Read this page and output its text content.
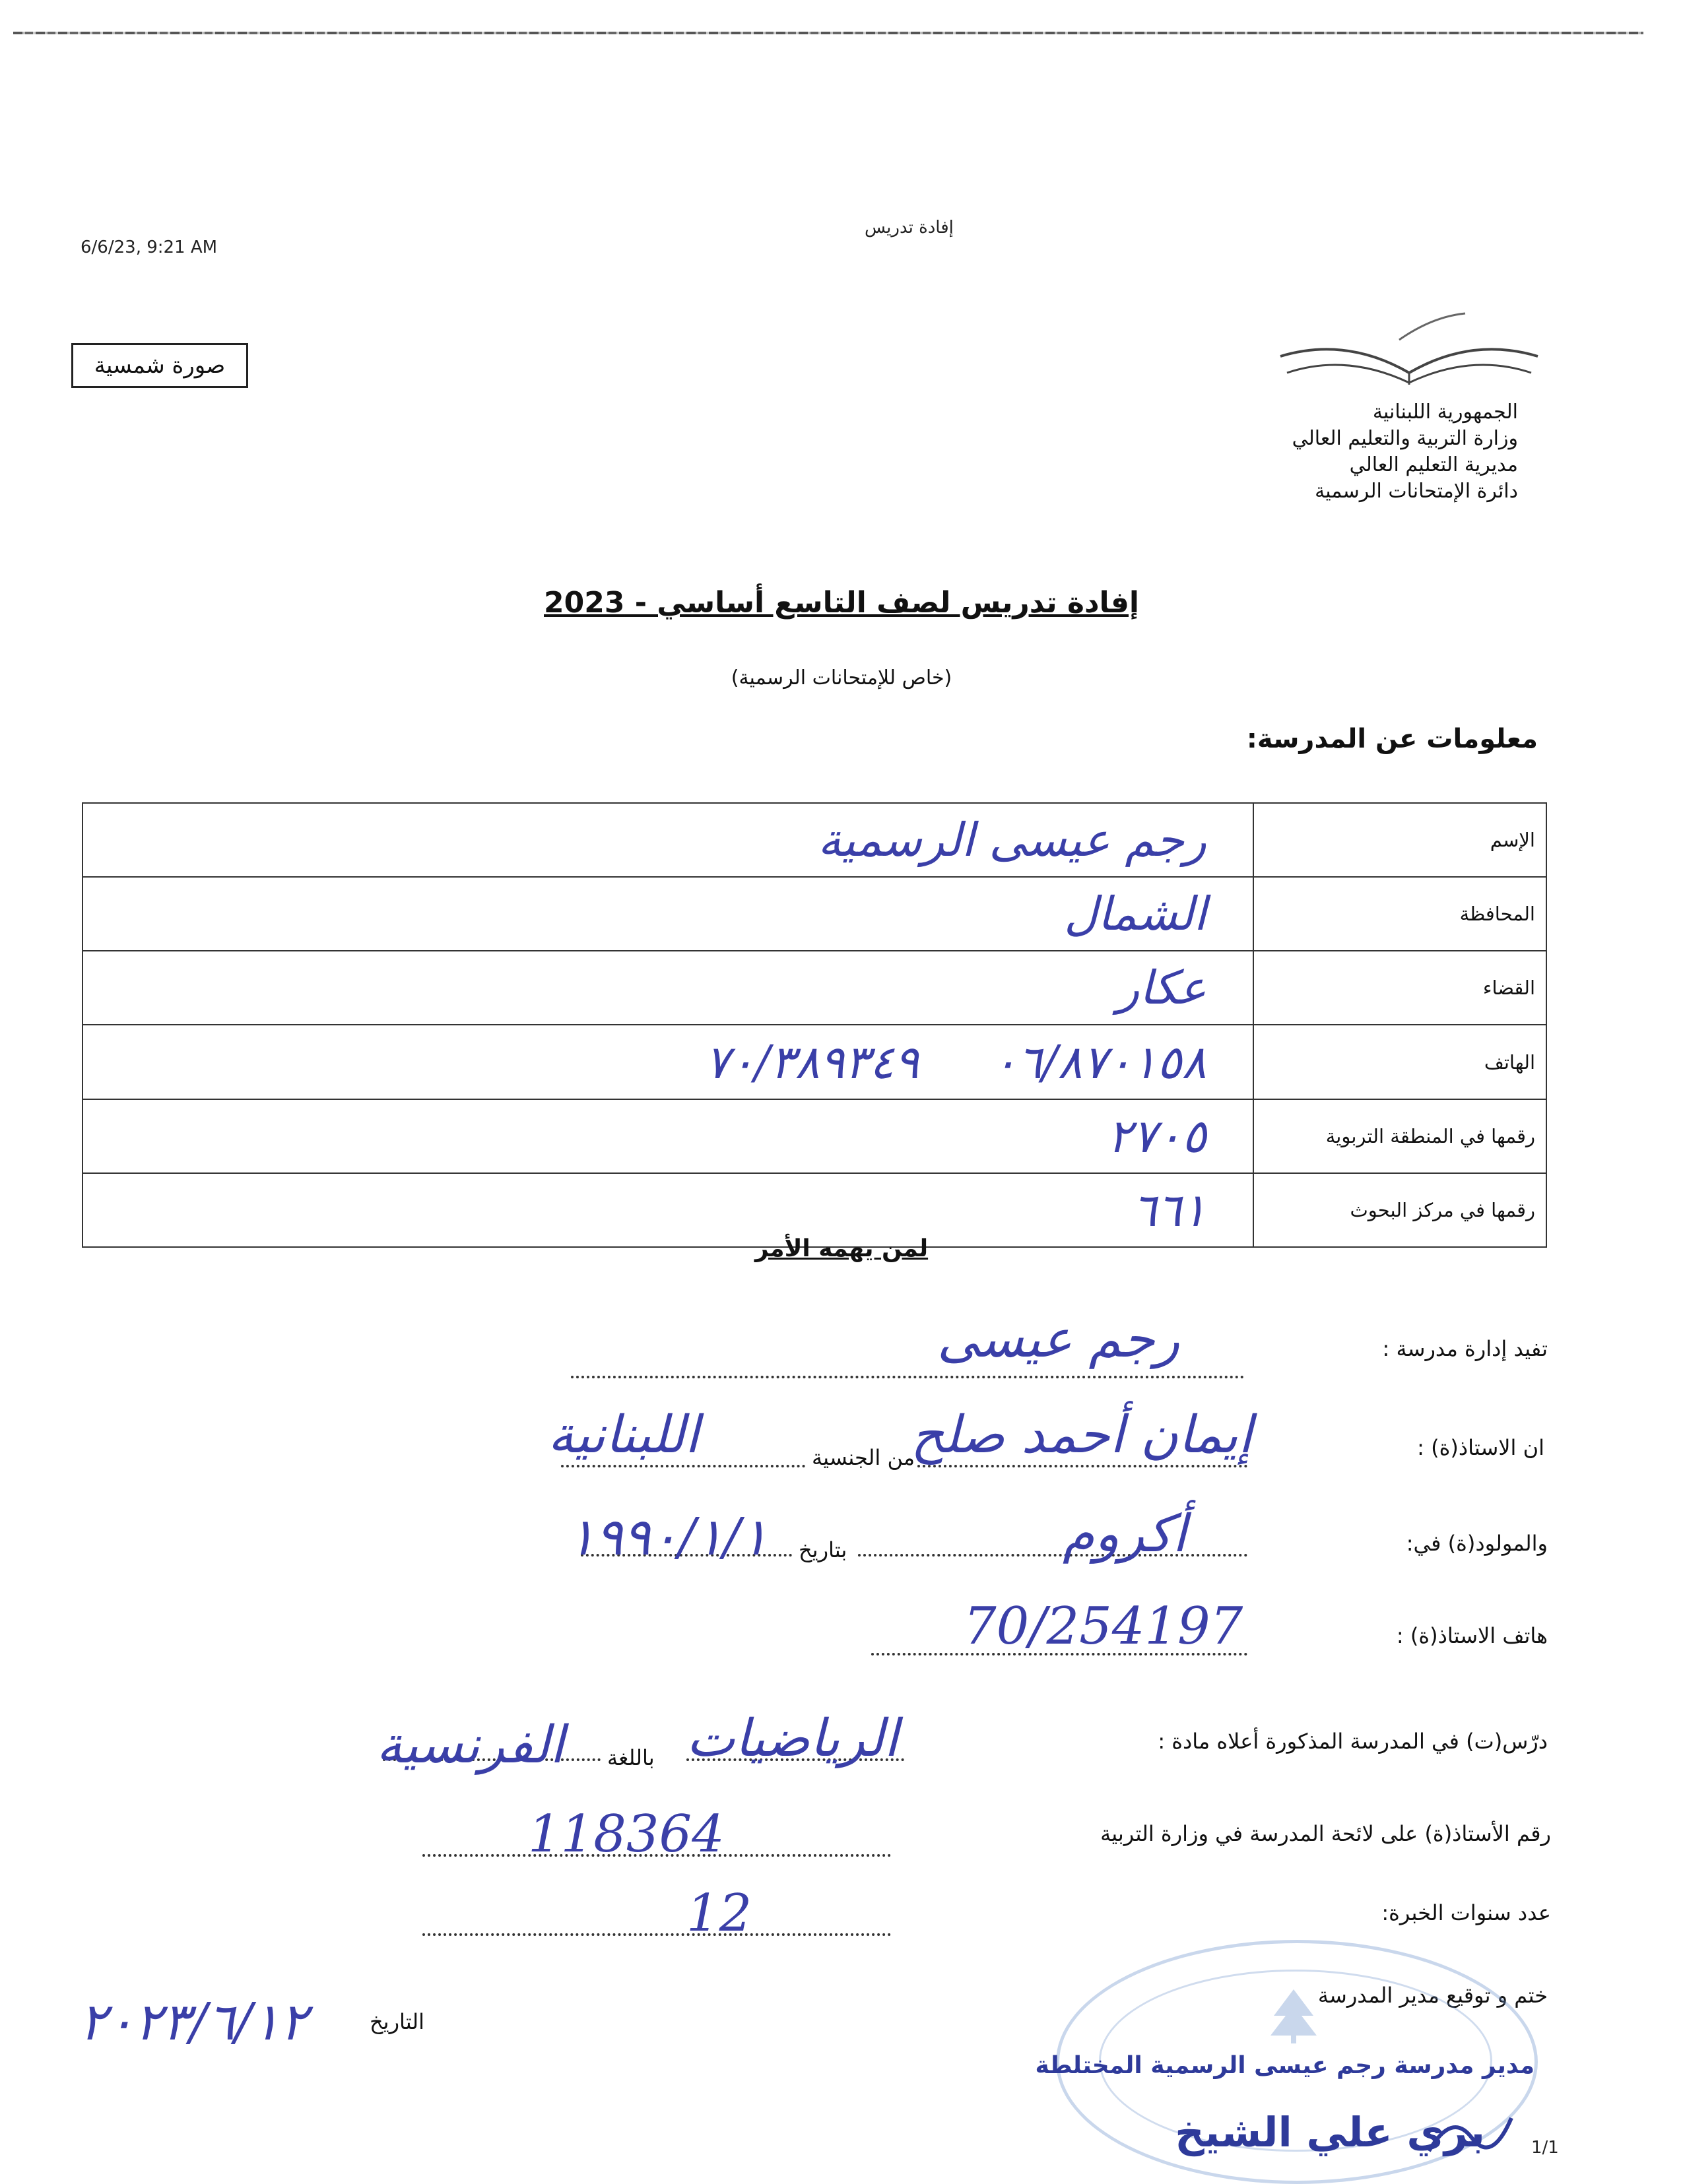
6/6/23, 9:21 AM
إفادة تدريس
صورة شمسية
الجمهورية اللبنانية
وزارة التربية والتعليم العالي
مديرية التعليم العالي
دائرة الإمتحانات الرسمية
إفادة تدريس لصف التاسع أساسي - 2023
(خاص للإمتحانات الرسمية)
معلومات عن المدرسة:
الإسم	رجم عيسى الرسمية
المحافظة	الشمال
القضاء	عكار
الهاتف	٠٦/٨٧٠١٥٨     ٧٠/٣٨٩٣٤٩
رقمها في المنطقة التربوية	٢٧٠٥
رقمها في مركز البحوث	٦٦١
لمن يهمه الأمر
تفيد إدارة مدرسة :
رجم عيسى
ان الاستاذ(ة) :
إيمان أحمد صلح
من الجنسية
اللبنانية
والمولود(ة) في:
أكروم
بتاريخ
١٩٩٠/١/١
هاتف الاستاذ(ة) :
70/254197
درّس(ت) في المدرسة المذكورة أعلاه مادة :
الرياضيات
باللغة
الفرنسية
رقم الأستاذ(ة) على لائحة المدرسة في وزارة التربية
118364
عدد سنوات الخبرة:
12
ختم و توقيع مدير المدرسة
التاريخ
٢٠٢٣/٦/١٢
مدير مدرسة رجم عيسى الرسمية المختلطة
بري علي الشيخ	1/1
